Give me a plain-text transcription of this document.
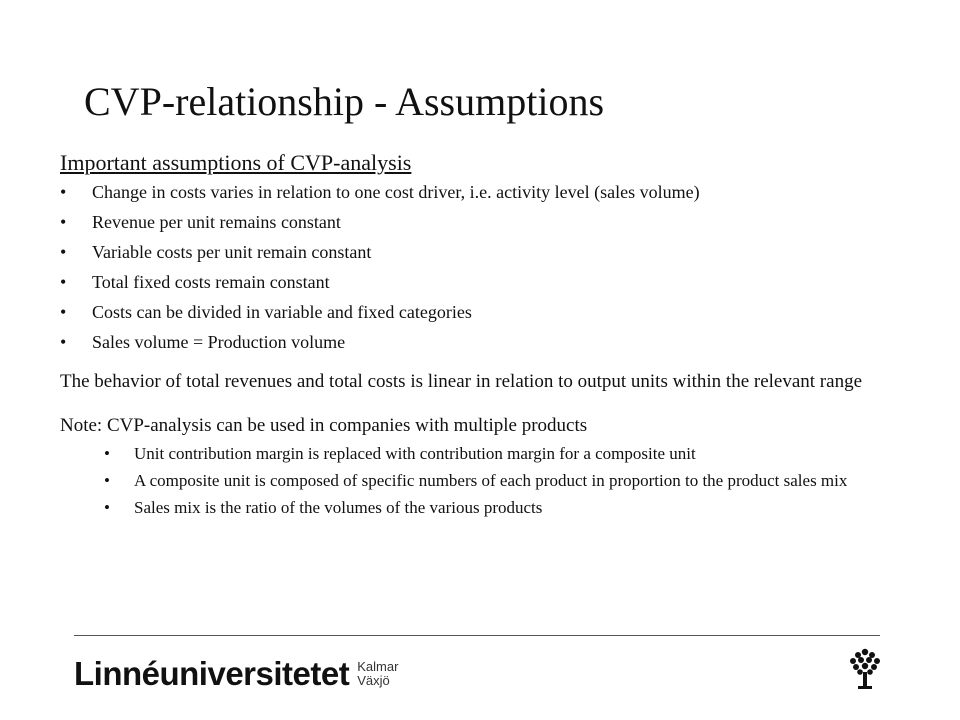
CVP-relationship - Assumptions

Important assumptions of CVP-analysis

• Change in costs varies in relation to one cost driver, i.e. activity level (sales volume)
• Revenue per unit remains constant
• Variable costs per unit remain constant
• Total fixed costs remain constant
• Costs can be divided in variable and fixed categories
• Sales volume = Production volume

The behavior of total revenues and total costs is linear in relation to output units within the relevant range

Note: CVP-analysis can be used in companies with multiple products

• Unit contribution margin is replaced with contribution margin for a composite unit
• A composite unit is composed of specific numbers of each product in proportion to the product sales mix
• Sales mix is the ratio of the volumes of the various products
Linnéuniversitetet Kalmar
Växjö
